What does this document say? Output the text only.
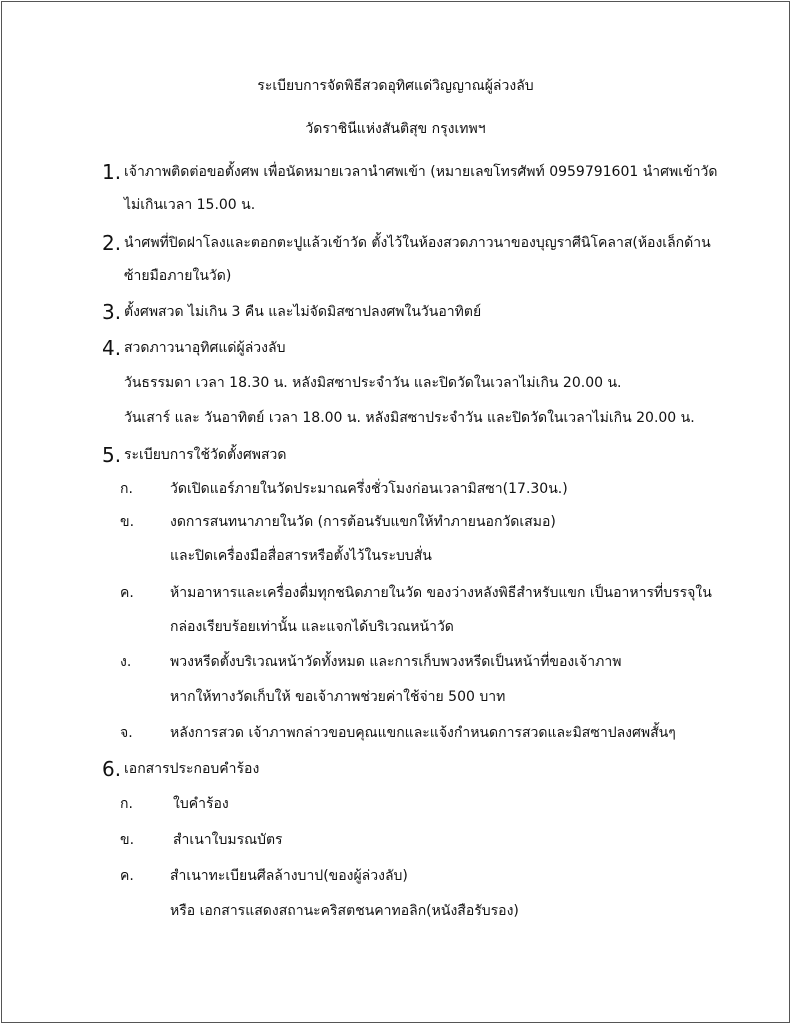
ระเบียบการจัดพิธีสวดอุทิศแด่วิญญาณผู้ล่วงลับ
วัดราชินีแห่งสันติสุข กรุงเทพฯ
1. เจ้าภาพติดต่อขอตั้งศพ เพื่อนัดหมายเวลานำศพเข้า (หมายเลขโทรศัพท์ 0959791601 นำศพเข้าวัด
ไม่เกินเวลา 15.00 น.
2. นำศพที่ปิดฝาโลงและตอกตะปูแล้วเข้าวัด ตั้งไว้ในห้องสวดภาวนาของบุญราศีนิโคลาส(ห้องเล็กด้าน
ซ้ายมือภายในวัด)
3. ตั้งศพสวด ไม่เกิน 3 คืน และไม่จัดมิสซาปลงศพในวันอาทิตย์
4. สวดภาวนาอุทิศแด่ผู้ล่วงลับ
วันธรรมดา เวลา 18.30 น. หลังมิสซาประจำวัน และปิดวัดในเวลาไม่เกิน 20.00 น.
วันเสาร์ และ วันอาทิตย์ เวลา 18.00 น. หลังมิสซาประจำวัน และปิดวัดในเวลาไม่เกิน 20.00 น.
5. ระเบียบการใช้วัดตั้งศพสวด
ก.	วัดเปิดแอร์ภายในวัดประมาณครึ่งชั่วโมงก่อนเวลามิสซา(17.30น.)
ข.	งดการสนทนาภายในวัด (การต้อนรับแขกให้ทำภายนอกวัดเสมอ)
และปิดเครื่องมือสื่อสารหรือตั้งไว้ในระบบสั่น
ค.	ห้ามอาหารและเครื่องดื่มทุกชนิดภายในวัด ของว่างหลังพิธีสำหรับแขก เป็นอาหารที่บรรจุใน
กล่องเรียบร้อยเท่านั้น และแจกได้บริเวณหน้าวัด
ง.	พวงหรีดตั้งบริเวณหน้าวัดทั้งหมด และการเก็บพวงหรีดเป็นหน้าที่ของเจ้าภาพ
หากให้ทางวัดเก็บให้ ขอเจ้าภาพช่วยค่าใช้จ่าย 500 บาท
จ.	หลังการสวด เจ้าภาพกล่าวขอบคุณแขกและแจ้งกำหนดการสวดและมิสซาปลงศพสั้นๆ
6. เอกสารประกอบคำร้อง
ก.	ใบคำร้อง
ข.	สำเนาใบมรณบัตร
ค.	สำเนาทะเบียนศีลล้างบาป(ของผู้ล่วงลับ)
หรือ เอกสารแสดงสถานะคริสตชนคาทอลิก(หนังสือรับรอง)
